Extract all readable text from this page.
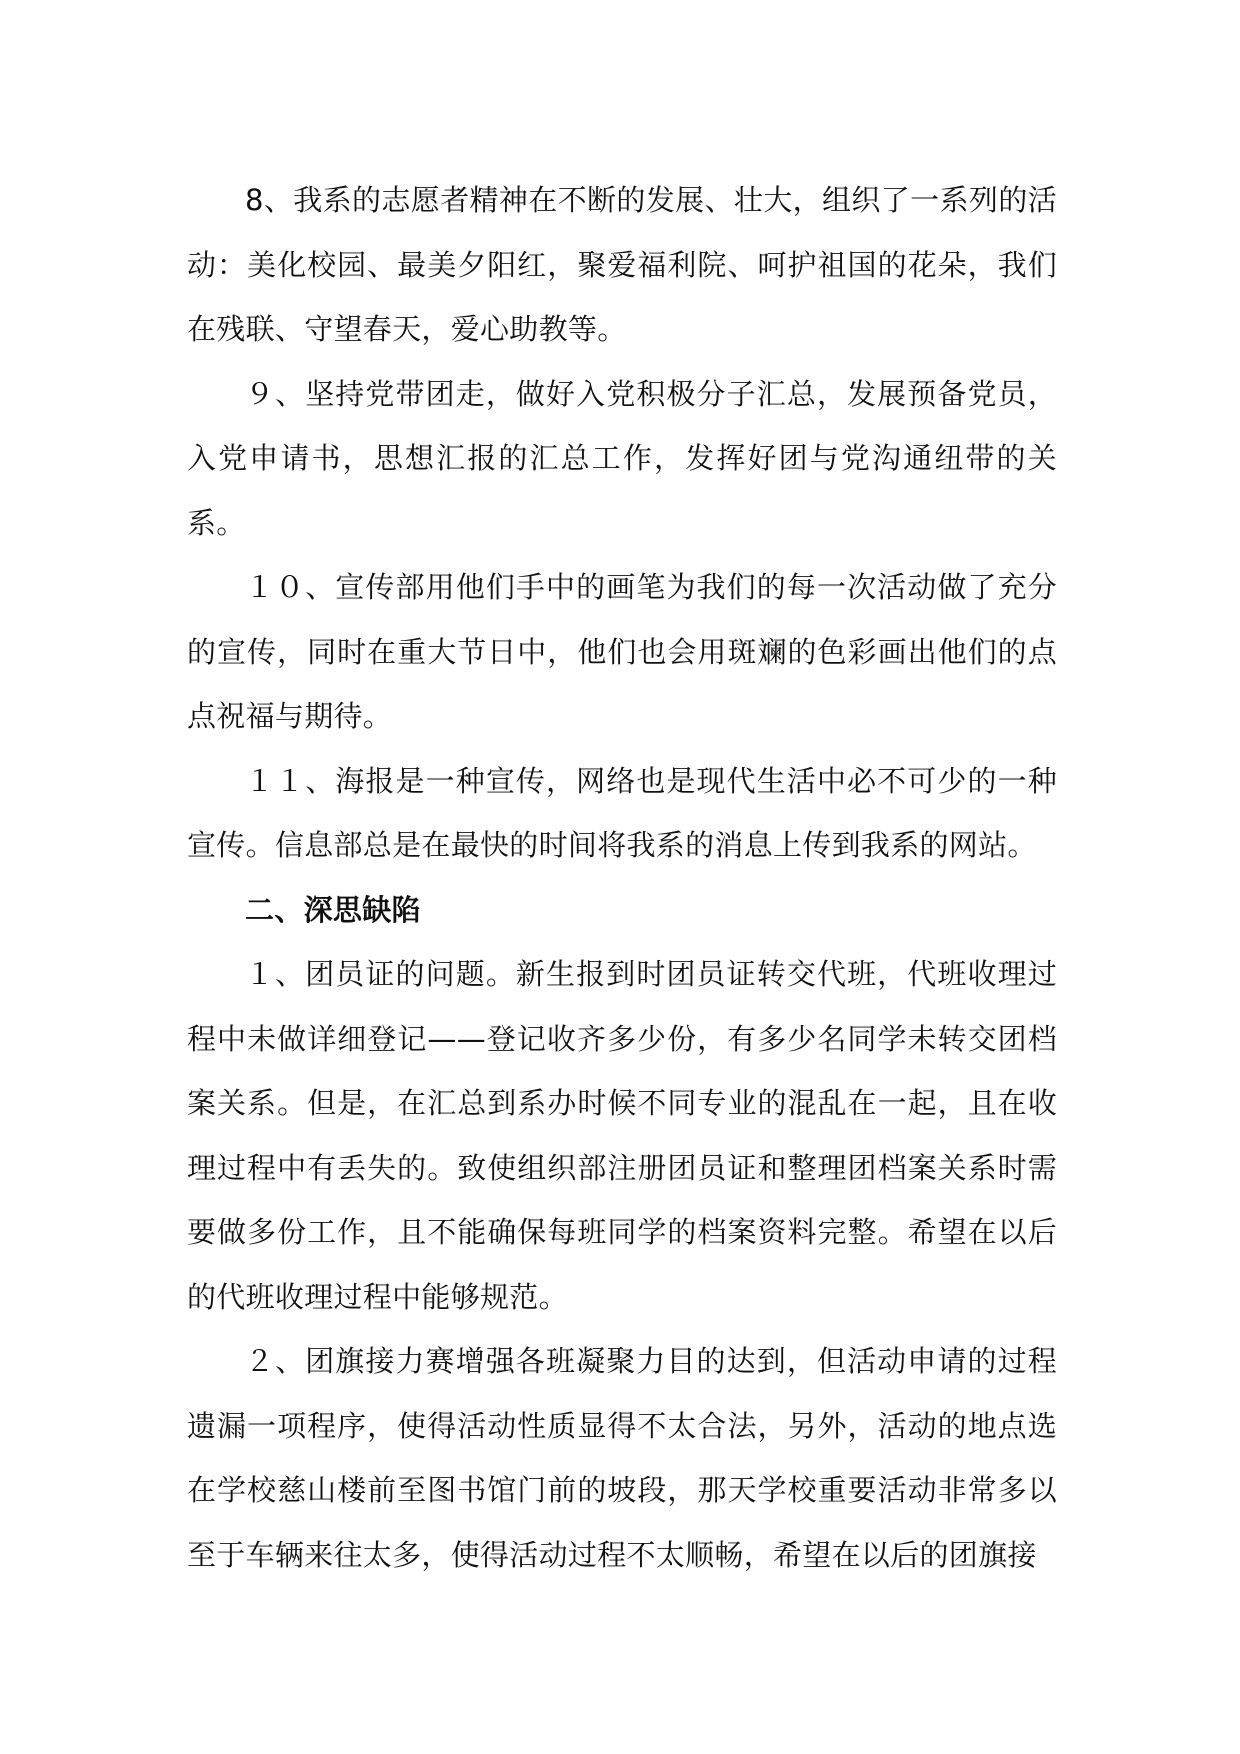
8、我系的志愿者精神在不断的发展、壮大，组织了一系列的活动：美化校园、最美夕阳红，聚爱福利院、呵护祖国的花朵，我们在残联、守望春天，爱心助教等。

９、坚持党带团走，做好入党积极分子汇总，发展预备党员，入党申请书，思想汇报的汇总工作，发挥好团与党沟通纽带的关系。

１０、宣传部用他们手中的画笔为我们的每一次活动做了充分的宣传，同时在重大节日中，他们也会用斑斓的色彩画出他们的点点祝福与期待。

１１、海报是一种宣传，网络也是现代生活中必不可少的一种宣传。信息部总是在最快的时间将我系的消息上传到我系的网站。

二、深思缺陷

１、团员证的问题。新生报到时团员证转交代班，代班收理过程中未做详细登记——登记收齐多少份，有多少名同学未转交团档案关系。但是，在汇总到系办时候不同专业的混乱在一起，且在收理过程中有丢失的。致使组织部注册团员证和整理团档案关系时需要做多份工作，且不能确保每班同学的档案资料完整。希望在以后的代班收理过程中能够规范。

２、团旗接力赛增强各班凝聚力目的达到，但活动申请的过程遗漏一项程序，使得活动性质显得不太合法，另外，活动的地点选在学校慈山楼前至图书馆门前的坡段，那天学校重要活动非常多以至于车辆来往太多，使得活动过程不太顺畅，希望在以后的团旗接
